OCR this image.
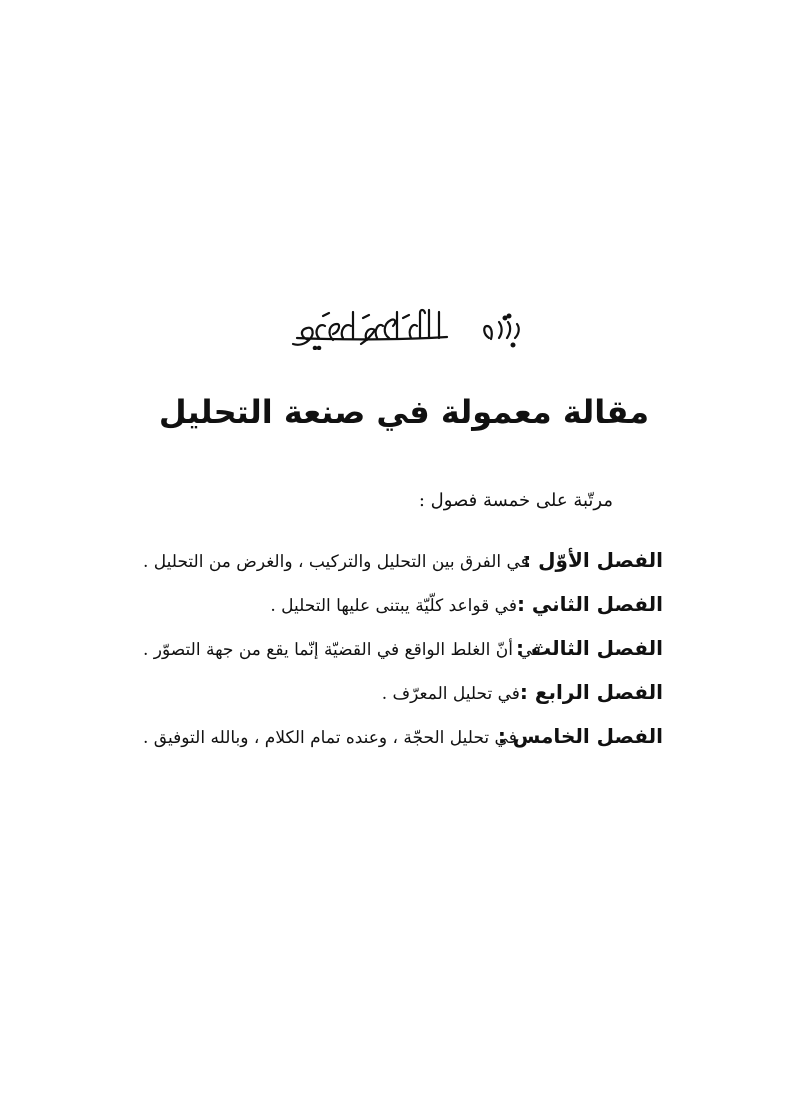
مقالة معمولة في صنعة التحليل

مرتّبة على خمسة فصول :

الفصل الأوّل :
في الفرق بين التحليل والتركيب ، والغرض من التحليل .
الفصل الثاني :
في قواعد كلّيّة يبتنى عليها التحليل .
الفصل الثالث :
في أنّ الغلط الواقع في القضيّة إنّما يقع من جهة التصوّر .
الفصل الرابع :
في تحليل المعرّف .
الفصل الخامس :
في تحليل الحجّة ، وعنده تمام الكلام ، وبالله التوفيق .
